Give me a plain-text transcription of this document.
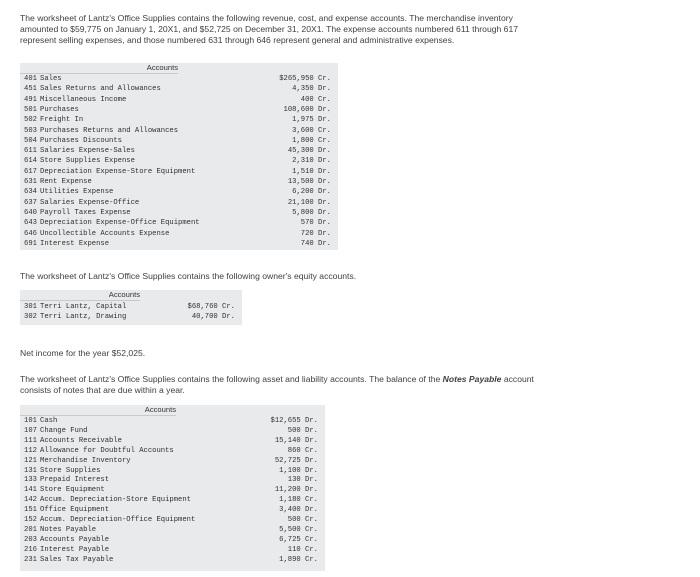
The worksheet of Lantz's Office Supplies contains the following revenue, cost, and expense accounts. The merchandise inventory
amounted to $59,775 on January 1, 20X1, and $52,725 on December 31, 20X1. The expense accounts numbered 611 through 617
represent selling expenses, and those numbered 631 through 646 represent general and administrative expenses.
Accounts
401 Sales	$265,950 Cr.
451 Sales Returns and Allowances	4,350 Dr.
491 Miscellaneous Income	400 Cr.
501 Purchases	108,600 Dr.
502 Freight In	1,975 Dr.
503 Purchases Returns and Allowances	3,600 Cr.
504 Purchases Discounts	1,800 Cr.
611 Salaries Expense-Sales	45,300 Dr.
614 Store Supplies Expense	2,310 Dr.
617 Depreciation Expense-Store Equipment	1,510 Dr.
631 Rent Expense	13,500 Dr.
634 Utilities Expense	6,200 Dr.
637 Salaries Expense-Office	21,100 Dr.
640 Payroll Taxes Expense	5,800 Dr.
643 Depreciation Expense-Office Equipment	570 Dr.
646 Uncollectible Accounts Expense	720 Dr.
691 Interest Expense	740 Dr.
The worksheet of Lantz's Office Supplies contains the following owner's equity accounts.
Accounts
301 Terri Lantz, Capital	$68,760 Cr.
302 Terri Lantz, Drawing	40,700 Dr.
Net income for the year $52,025.
The worksheet of Lantz's Office Supplies contains the following asset and liability accounts. The balance of the Notes Payable account
consists of notes that are due within a year.
Accounts
101 Cash	$12,655 Dr.
107 Change Fund	500 Dr.
111 Accounts Receivable	15,140 Dr.
112 Allowance for Doubtful Accounts	860 Cr.
121 Merchandise Inventory	52,725 Dr.
131 Store Supplies	1,100 Dr.
133 Prepaid Interest	130 Dr.
141 Store Equipment	11,200 Dr.
142 Accum. Depreciation-Store Equipment	1,180 Cr.
151 Office Equipment	3,400 Dr.
152 Accum. Depreciation-Office Equipment	500 Cr.
201 Notes Payable	5,500 Cr.
203 Accounts Payable	6,725 Cr.
216 Interest Payable	110 Cr.
231 Sales Tax Payable	1,890 Cr.
